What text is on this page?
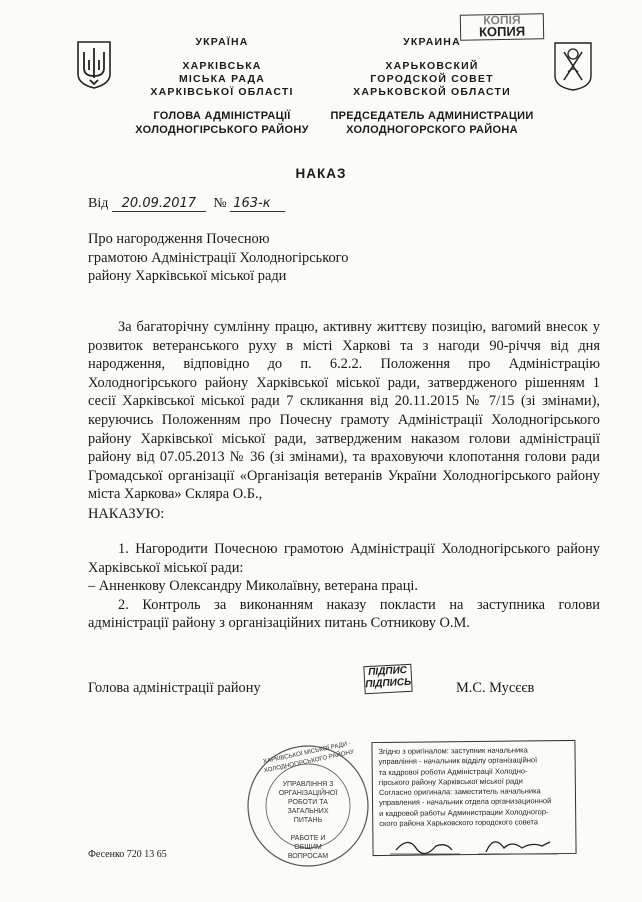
КОПІЯ
КОПИЯ
УКРАЇНА
ХАРКІВСЬКА
МІСЬКА РАДА
ХАРКІВСЬКОЇ ОБЛАСТІ
ГОЛОВА АДМІНІСТРАЦІЇ
ХОЛОДНОГІРСЬКОГО РАЙОНУ
УКРАИНА
ХАРЬКОВСКИЙ
ГОРОДСКОЙ СОВЕТ
ХАРЬКОВСКОЙ ОБЛАСТИ
ПРЕДСЕДАТЕЛЬ АДМИНИСТРАЦИИ
ХОЛОДНОГОРСКОГО РАЙОНА
НАКАЗ
Від 20.09.2017 № 163-к
Про нагородження Почесною
грамотою Адміністрації Холодногірського
району Харківської міської ради
За багаторічну сумлінну працю, активну життєву позицію, вагомий внесок у розвиток ветеранського руху в місті Харкові та з нагоди 90-річчя від дня народження, відповідно до п. 6.2.2. Положення про Адміністрацію Холодногірського району Харківської міської ради, затвердженого рішенням 1 сесії Харківської міської ради 7 скликання від 20.11.2015 № 7/15 (зі змінами), керуючись Положенням про Почесну грамоту Адміністрації Холодногірського району Харківської міської ради, затвердженим наказом голови адміністрації району від 07.05.2013 № 36 (зі змінами), та враховуючи клопотання голови ради Громадської організації «Організація ветеранів України Холодногірського району міста Харкова» Скляра О.Б.,
НАКАЗУЮ:
1. Нагородити Почесною грамотою Адміністрації Холодногірського району Харківської міської ради:
– Анненкову Олександру Миколаївну, ветерана праці.
2. Контроль за виконанням наказу покласти на заступника голови адміністрації району з організаційних питань Сотникову О.М.
Голова адміністрації району
ПІДПИС
ПІДПИСЬ	М.С. Мусєєв
ХАРКІВСЬКОЇ МІСЬКОЇ РАДИ · ХОЛОДНОГІРСЬКОГО РАЙОНУ
УПРАВЛІННЯ З
ОРГАНІЗАЦІЙНОЇ
РОБОТИ ТА
ЗАГАЛЬНИХ
ПИТАНЬ
РАБОТЕ И ОБЩИМ
ВОПРОСАМ
Згідно з оригіналом: заступник начальника
управління - начальник відділу організаційної
та кадрової роботи Адміністрації Холодно-
гірського району Харківської міської ради
Согласно оригинала: заместитель начальника
управления - начальник отдела организационной
и кадровой работы Администрации Холодногор-
ского района Харьковского городского совета
Фесенко 720 13 65
